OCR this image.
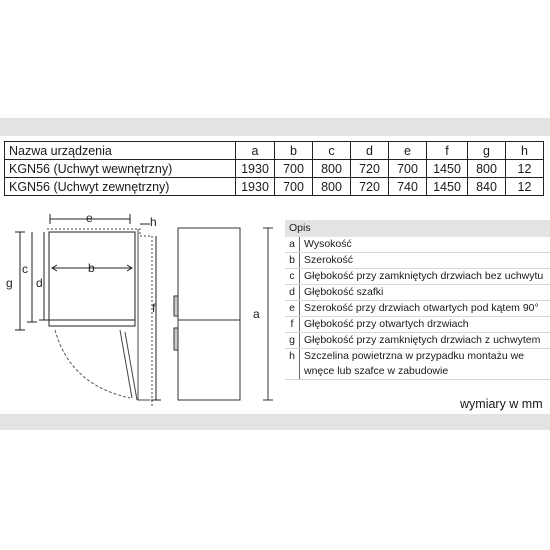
Nazwa urządzenia	a	b	c	d	e	f	g	h
KGN56 (Uchwyt wewnętrzny)	1930	700	800	720	700	1450	800	12
KGN56 (Uchwyt zewnętrzny)	1930	700	800	720	740	1450	840	12
e	h
b
g
c
d
f	a
Opis
a Wysokość
b Szerokość
c Głębokość przy zamkniętych drzwiach bez uchwytu
d Głębokość szafki
e Szerokość przy drzwiach otwartych pod kątem 90°
f	Głębokość przy otwartych drzwiach
g Głębokość przy zamkniętych drzwiach z uchwytem
h Szczelina powietrzna w przypadku montażu we wnęce lub szafce w zabudowie
wymiary w mm
